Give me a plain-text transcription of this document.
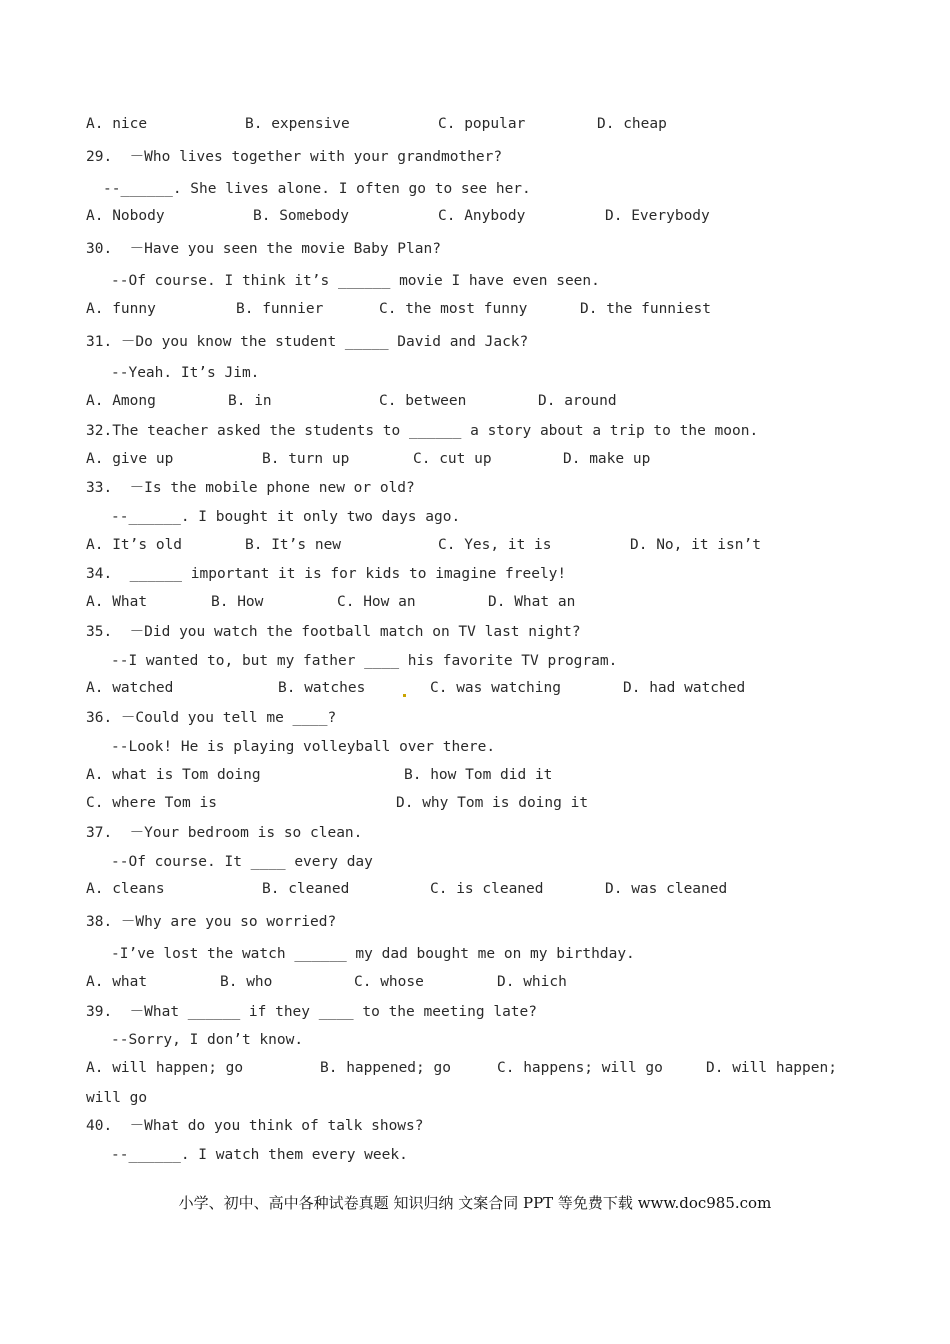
A. nice	B. expensive	C. popular	D. cheap
29.  －Who lives together with your grandmother?
--______. She lives alone. I often go to see her.
A. Nobody	B. Somebody	C. Anybody	D. Everybody
30.  －Have you seen the movie Baby Plan?
--Of course. I think it’s ______ movie I have even seen.
A. funny	B. funnier	C. the most funny	D. the funniest
31. －Do you know the student _____ David and Jack?
--Yeah. It’s Jim.
A. Among	B. in	C. between	D. around
32.The teacher asked the students to ______ a story about a trip to the moon.
A. give up	B. turn up	C. cut up	D. make up
33.  －Is the mobile phone new or old?
--______. I bought it only two days ago.
A. It’s old	B. It’s new	C. Yes, it is	D. No, it isn’t
34.  ______ important it is for kids to imagine freely!
A. What	B. How	C. How an	D. What an
35.  －Did you watch the football match on TV last night?
--I wanted to, but my father ____ his favorite TV program.
A. watched	B. watches	C. was watching	D. had watched
36. －Could you tell me ____?
--Look! He is playing volleyball over there.
A. what is Tom doing	B. how Tom did it
C. where Tom is	D. why Tom is doing it
37.  －Your bedroom is so clean.
--Of course. It ____ every day
A. cleans	B. cleaned	C. is cleaned	D. was cleaned
38. －Why are you so worried?
-I’ve lost the watch ______ my dad bought me on my birthday.
A. what	B. who	C. whose	D. which
39.  －What ______ if they ____ to the meeting late?
--Sorry, I don’t know.
A. will happen; go	B. happened; go	C. happens; will go	D. will happen;
will go
40.  －What do you think of talk shows?
--______. I watch them every week.
小学、初中、高中各种试卷真题 知识归纳 文案合同 PPT 等免费下载 www.doc985.com
